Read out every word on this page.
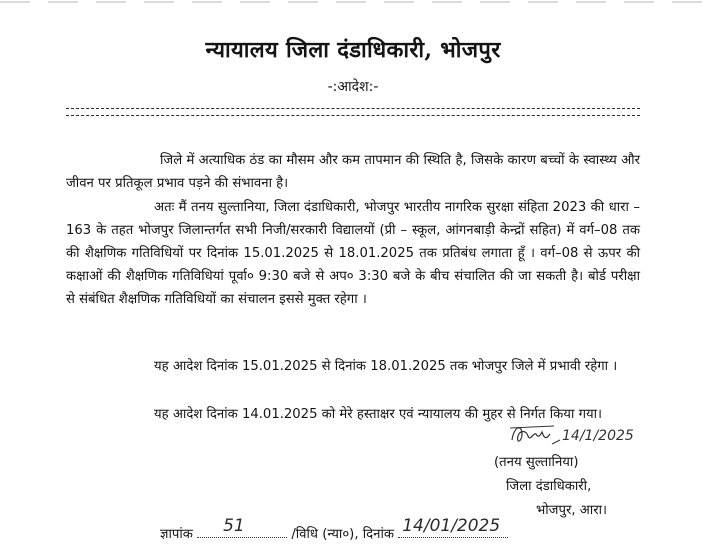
न्यायालय जिला दंडाधिकारी, भोजपुर
-:आदेश:-
जिले में अत्याधिक ठंड का मौसम और कम तापमान की स्थिति है, जिसके कारण बच्चों के स्वास्थ्य और जीवन पर प्रतिकूल प्रभाव पड़ने की संभावना है।
अतः मैं तनय सुल्तानिया, जिला दंडाधिकारी, भोजपुर भारतीय नागरिक सुरक्षा संहिता 2023 की धारा – 163 के तहत भोजपुर जिलान्तर्गत सभी निजी/सरकारी विद्यालयों (प्री – स्कूल, आंगनबाड़ी केन्द्रों सहित) में वर्ग–08 तक की शैक्षणिक गतिविधियों पर दिनांक 15.01.2025 से 18.01.2025 तक प्रतिबंध लगाता हूँ । वर्ग–08 से ऊपर की कक्षाओं की शैक्षणिक गतिविधियां पूर्वा० 9:30 बजे से अप० 3:30 बजे के बीच संचालित की जा सकती है। बोर्ड परीक्षा से संबंधित शैक्षणिक गतिविधियों का संचालन इससे मुक्त रहेगा ।
यह आदेश दिनांक 15.01.2025 से दिनांक 18.01.2025 तक भोजपुर जिले में प्रभावी रहेगा ।
यह आदेश दिनांक 14.01.2025 को मेरे हस्ताक्षर एवं न्यायालय की मुहर से निर्गत किया गया।
14/1/2025
(तनय सुल्तानिया)
जिला दंडाधिकारी,
भोजपुर, आरा।
ज्ञापांक 51	/विधि (न्या०), दिनांक 14/01/2025
